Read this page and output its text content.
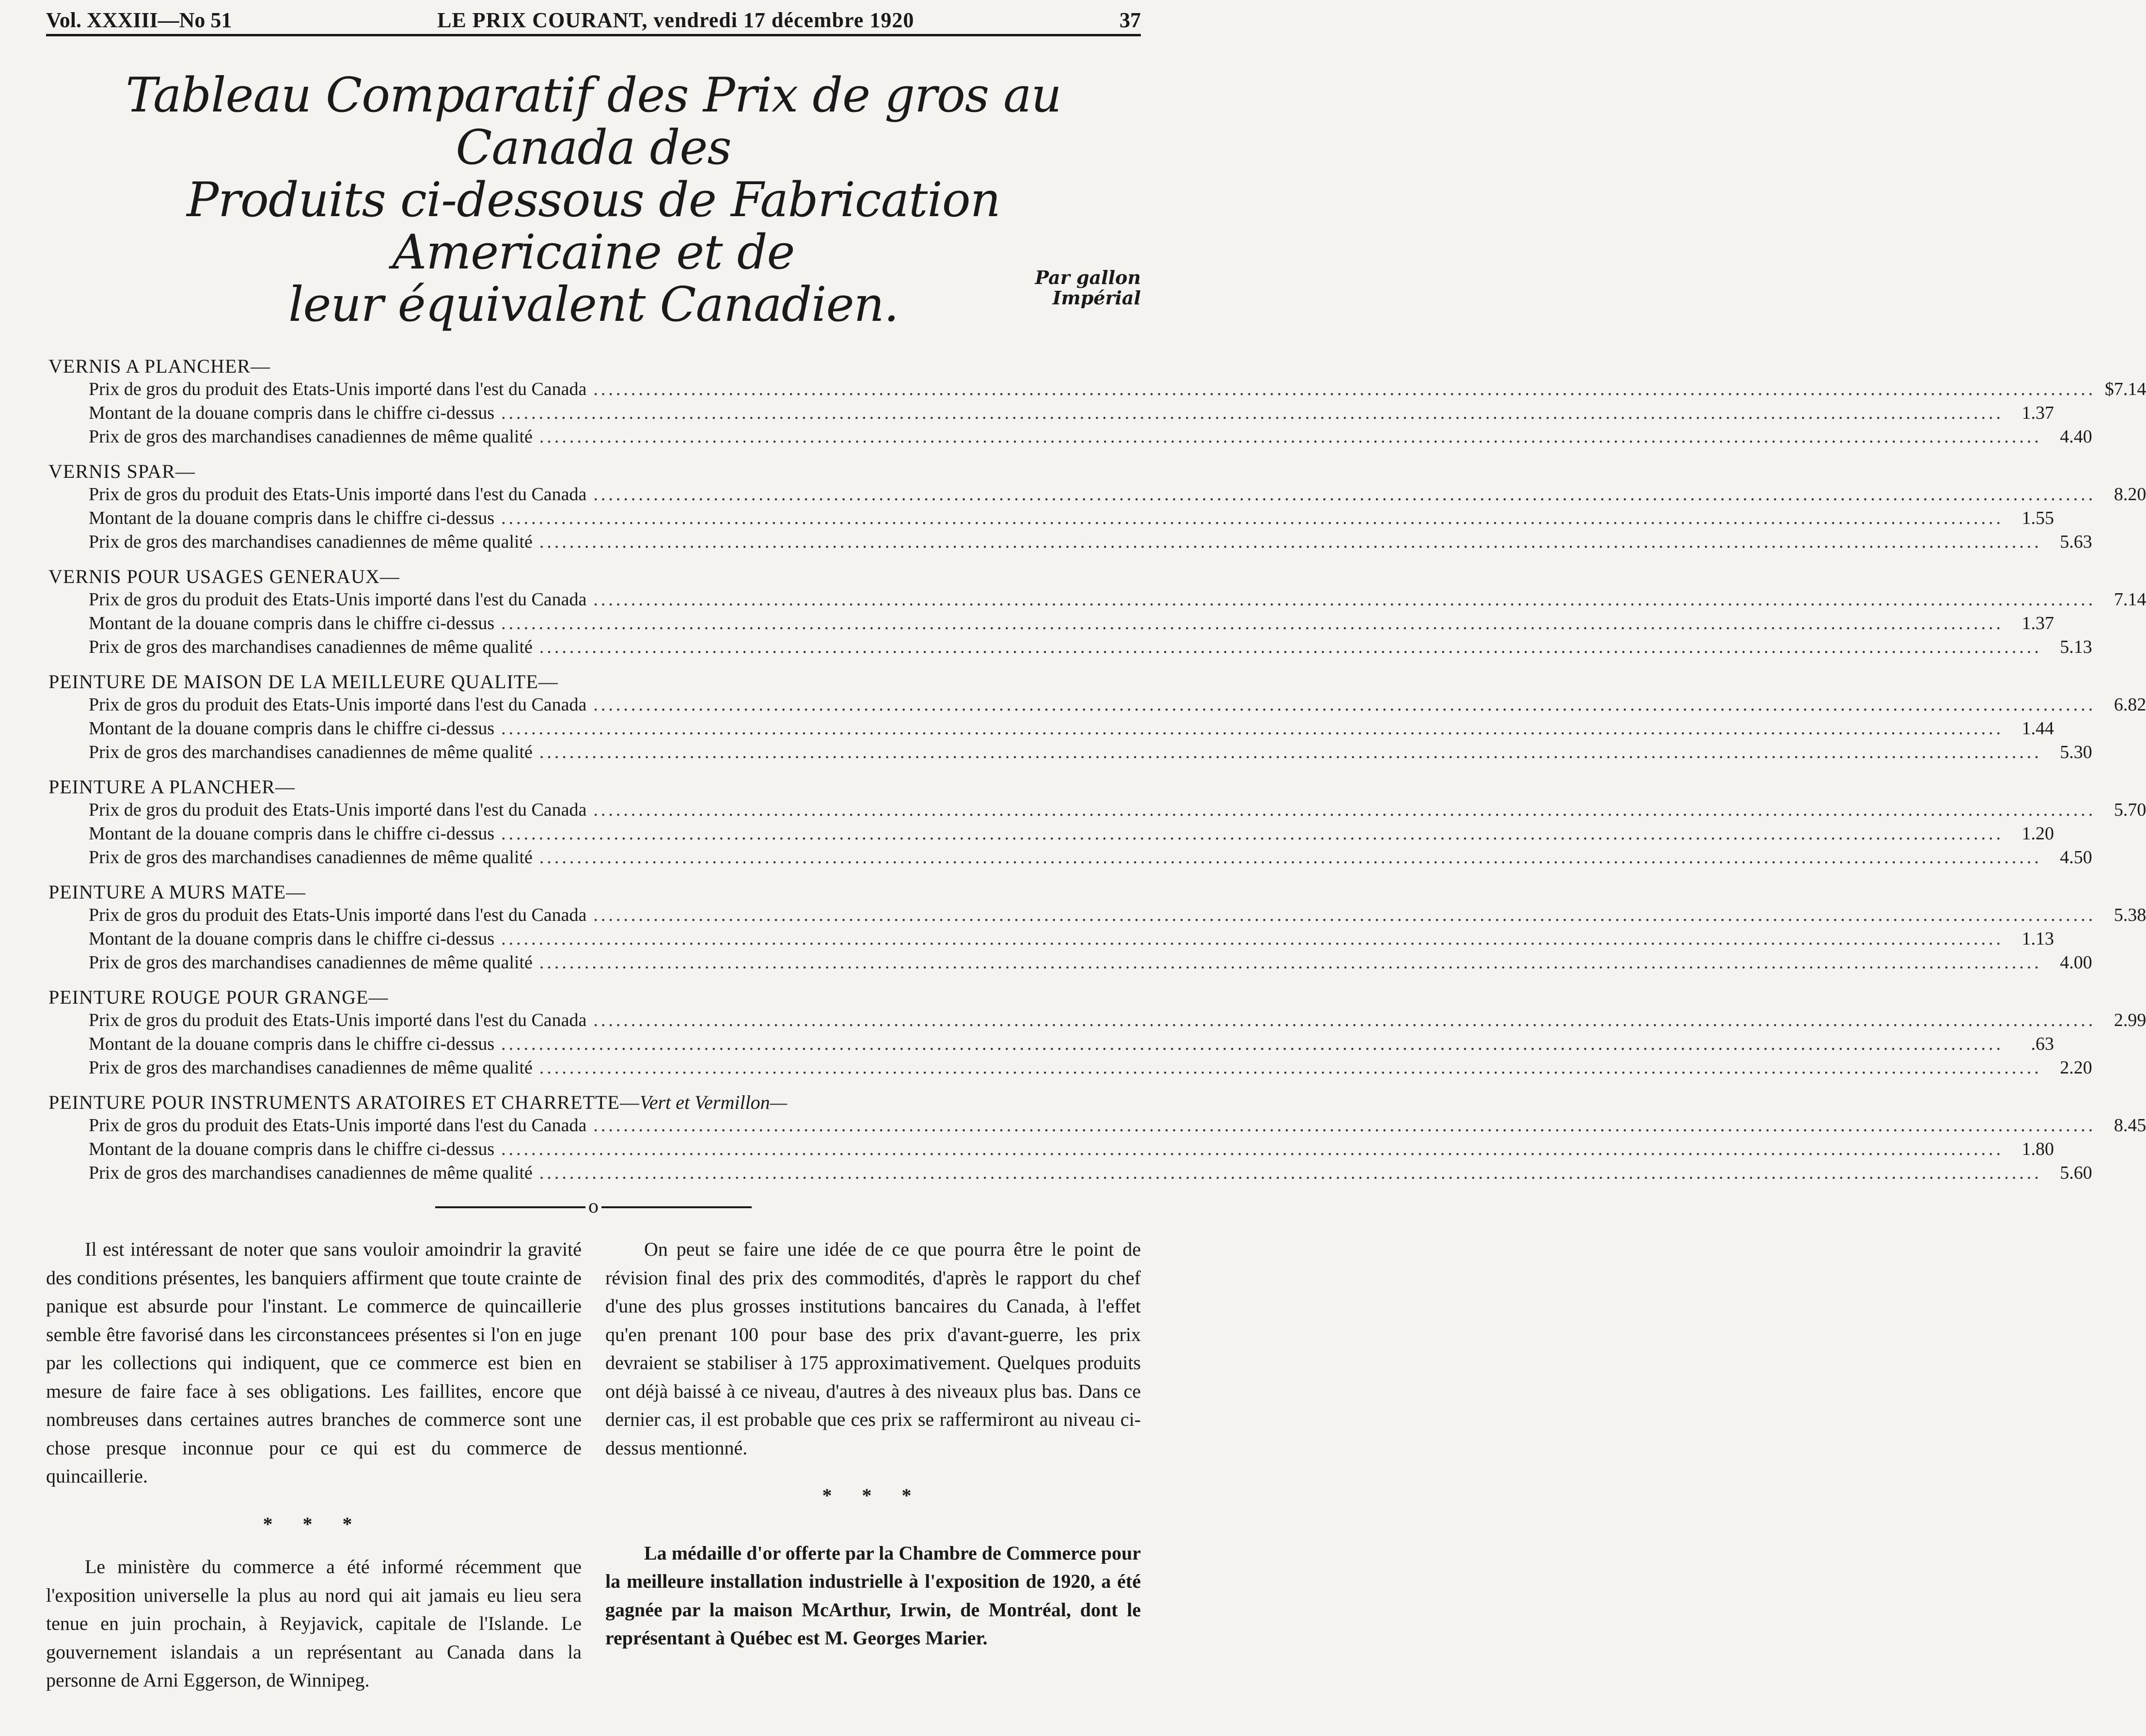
Vol. XXXIII—No 51	LE PRIX COURANT, vendredi 17 décembre 1920	37
Tableau Comparatif des Prix de gros au Canada des
Produits ci-dessous de Fabrication Americaine et de
leur équivalent Canadien.	Par gallon
Impérial
VERNIS A PLANCHER—
Prix de gros du produit des Etats-Unis importé dans l'est du Canada ........................................................................................................................................................................................................ $7.14
Montant de la douane compris dans le chiffre ci-dessus ........................................................................................................................................................................................................ 1.37
Prix de gros des marchandises canadiennes de même qualité ........................................................................................................................................................................................................ 4.40
VERNIS SPAR—
Prix de gros du produit des Etats-Unis importé dans l'est du Canada ........................................................................................................................................................................................................ 8.20
Montant de la douane compris dans le chiffre ci-dessus ........................................................................................................................................................................................................ 1.55
Prix de gros des marchandises canadiennes de même qualité ........................................................................................................................................................................................................ 5.63
VERNIS POUR USAGES GENERAUX—
Prix de gros du produit des Etats-Unis importé dans l'est du Canada ........................................................................................................................................................................................................ 7.14
Montant de la douane compris dans le chiffre ci-dessus ........................................................................................................................................................................................................ 1.37
Prix de gros des marchandises canadiennes de même qualité ........................................................................................................................................................................................................ 5.13
PEINTURE DE MAISON DE LA MEILLEURE QUALITE—
Prix de gros du produit des Etats-Unis importé dans l'est du Canada ........................................................................................................................................................................................................ 6.82
Montant de la douane compris dans le chiffre ci-dessus ........................................................................................................................................................................................................ 1.44
Prix de gros des marchandises canadiennes de même qualité ........................................................................................................................................................................................................ 5.30
PEINTURE A PLANCHER—
Prix de gros du produit des Etats-Unis importé dans l'est du Canada ........................................................................................................................................................................................................ 5.70
Montant de la douane compris dans le chiffre ci-dessus ........................................................................................................................................................................................................ 1.20
Prix de gros des marchandises canadiennes de même qualité ........................................................................................................................................................................................................ 4.50
PEINTURE A MURS MATE—
Prix de gros du produit des Etats-Unis importé dans l'est du Canada ........................................................................................................................................................................................................ 5.38
Montant de la douane compris dans le chiffre ci-dessus ........................................................................................................................................................................................................ 1.13
Prix de gros des marchandises canadiennes de même qualité ........................................................................................................................................................................................................ 4.00
PEINTURE ROUGE POUR GRANGE—
Prix de gros du produit des Etats-Unis importé dans l'est du Canada ........................................................................................................................................................................................................ 2.99
Montant de la douane compris dans le chiffre ci-dessus ........................................................................................................................................................................................................	.63
Prix de gros des marchandises canadiennes de même qualité ........................................................................................................................................................................................................ 2.20
PEINTURE POUR INSTRUMENTS ARATOIRES ET CHARRETTE—Vert et Vermillon—
Prix de gros du produit des Etats-Unis importé dans l'est du Canada ........................................................................................................................................................................................................ 8.45
Montant de la douane compris dans le chiffre ci-dessus ........................................................................................................................................................................................................ 1.80
Prix de gros des marchandises canadiennes de même qualité ........................................................................................................................................................................................................ 5.60
o

Il est intéressant de noter que sans vouloir amoindrir la gravité des conditions présentes, les banquiers affirment que toute crainte de panique est absurde pour l'instant. Le commerce de quincaillerie semble être favorisé dans les circonstancees présentes si l'on en juge par les collections qui indiquent, que ce commerce est bien en mesure de faire face à ses obligations. Les faillites, encore que nombreuses dans certaines autres branches de commerce sont une chose presque inconnue pour ce qui est du commerce de quincaillerie.

* * *

Le ministère du commerce a été informé récemment que l'exposition universelle la plus au nord qui ait jamais eu lieu sera tenue en juin prochain, à Reyjavick, capitale de l'Islande. Le gouvernement islandais a un représentant au Canada dans la personne de Arni Eggerson, de Winnipeg.

On peut se faire une idée de ce que pourra être le point de révision final des prix des commodités, d'après le rapport du chef d'une des plus grosses institutions bancaires du Canada, à l'effet qu'en prenant 100 pour base des prix d'avant-guerre, les prix devraient se stabiliser à 175 approximativement. Quelques produits ont déjà baissé à ce niveau, d'autres à des niveaux plus bas. Dans ce dernier cas, il est probable que ces prix se raffermiront au niveau ci-dessus mentionné.

* * *

La médaille d'or offerte par la Chambre de Commerce pour la meilleure installation industrielle à l'exposition de 1920, a été gagnée par la maison McArthur, Irwin, de Montréal, dont le représentant à Québec est M. Georges Marier.
